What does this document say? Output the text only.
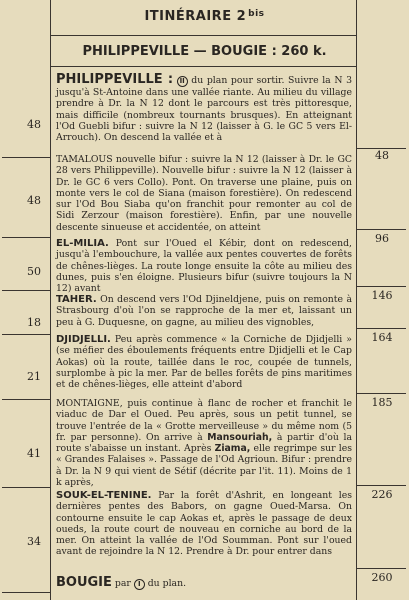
ITINÉRAIRE 2 $^{bis}$
PHILIPPEVILLE — BOUGIE : 260 k.
PHILIPPEVILLE : II du plan pour sortir. Suivre la N 3 jusqu'à St-Antoine dans une vallée riante. Au milieu du village prendre à Dr. la N 12 dont le parcours est très pittoresque, mais difficile (nombreux tournants brusques). En atteignant l'Od Guebli bifur : suivre la N 12 (laisser à G. le GC 5 vers El-Arrouch). On descend la vallée et à
48
TAMALOUS nouvelle bifur : suivre la N 12 (laisser à Dr. le GC 28 vers Philippeville). Nouvelle bifur : suivre la N 12 (laisser à Dr. le GC 6 vers Collo). Pont. On traverse une plaine, puis on monte vers le col de Siana (maison forestière). On redescend sur l'Od Bou Siaba qu'on franchit pour remonter au col de Sidi Zerzour (maison forestière). Enfin, par une nouvelle descente sinueuse et accidentée, on atteint
48
48
EL-MILIA. Pont sur l'Oued el Kébir, dont on redescend, jusqu'à l'embouchure, la vallée aux pentes couvertes de forêts de chênes-lièges. La route longe ensuite la côte au milieu des dunes, puis s'en éloigne. Plusieurs bifur (suivre toujours la N 12) avant
96
50
TAHER. On descend vers l'Od Djineldjene, puis on remonte à Strasbourg d'où l'on se rapproche de la mer et, laissant un peu à G. Duquesne, on gagne, au milieu des vignobles,
146
18
DJIDJELLI. Peu après commence « la Corniche de Djidjelli » (se méfier des éboulements fréquents entre Djidjelli et le Cap Aokas) où la route, taillée dans le roc, coupée de tunnels, surplombe à pic la mer. Par de belles forêts de pins maritimes et de chênes-lièges, elle atteint d'abord
164
21
MONTAIGNE, puis continue à flanc de rocher et franchit le viaduc de Dar el Oued. Peu après, sous un petit tunnel, se trouve l'entrée de la « Grotte merveilleuse » du même nom (5 fr. par personne). On arrive à Mansouriah, à partir d'où la route s'abaisse un instant. Après Ziama, elle regrimpe sur les « Grandes Falaises ». Passage de l'Od Agrioun. Bifur : prendre à Dr. la N 9 qui vient de Sétif (décrite par l'it. 11). Moins de 1 k après,
185
41
SOUK-EL-TENINE. Par la forêt d'Ashrit, en longeant les dernières pentes des Babors, on gagne Oued-Marsa. On contourne ensuite le cap Aokas et, après le passage de deux oueds, la route court de nouveau en corniche au bord de la mer. On atteint la vallée de l'Od Soumman. Pont sur l'oued avant de rejoindre la N 12. Prendre à Dr. pour entrer dans
226
34
BOUGIE par I du plan.	260
